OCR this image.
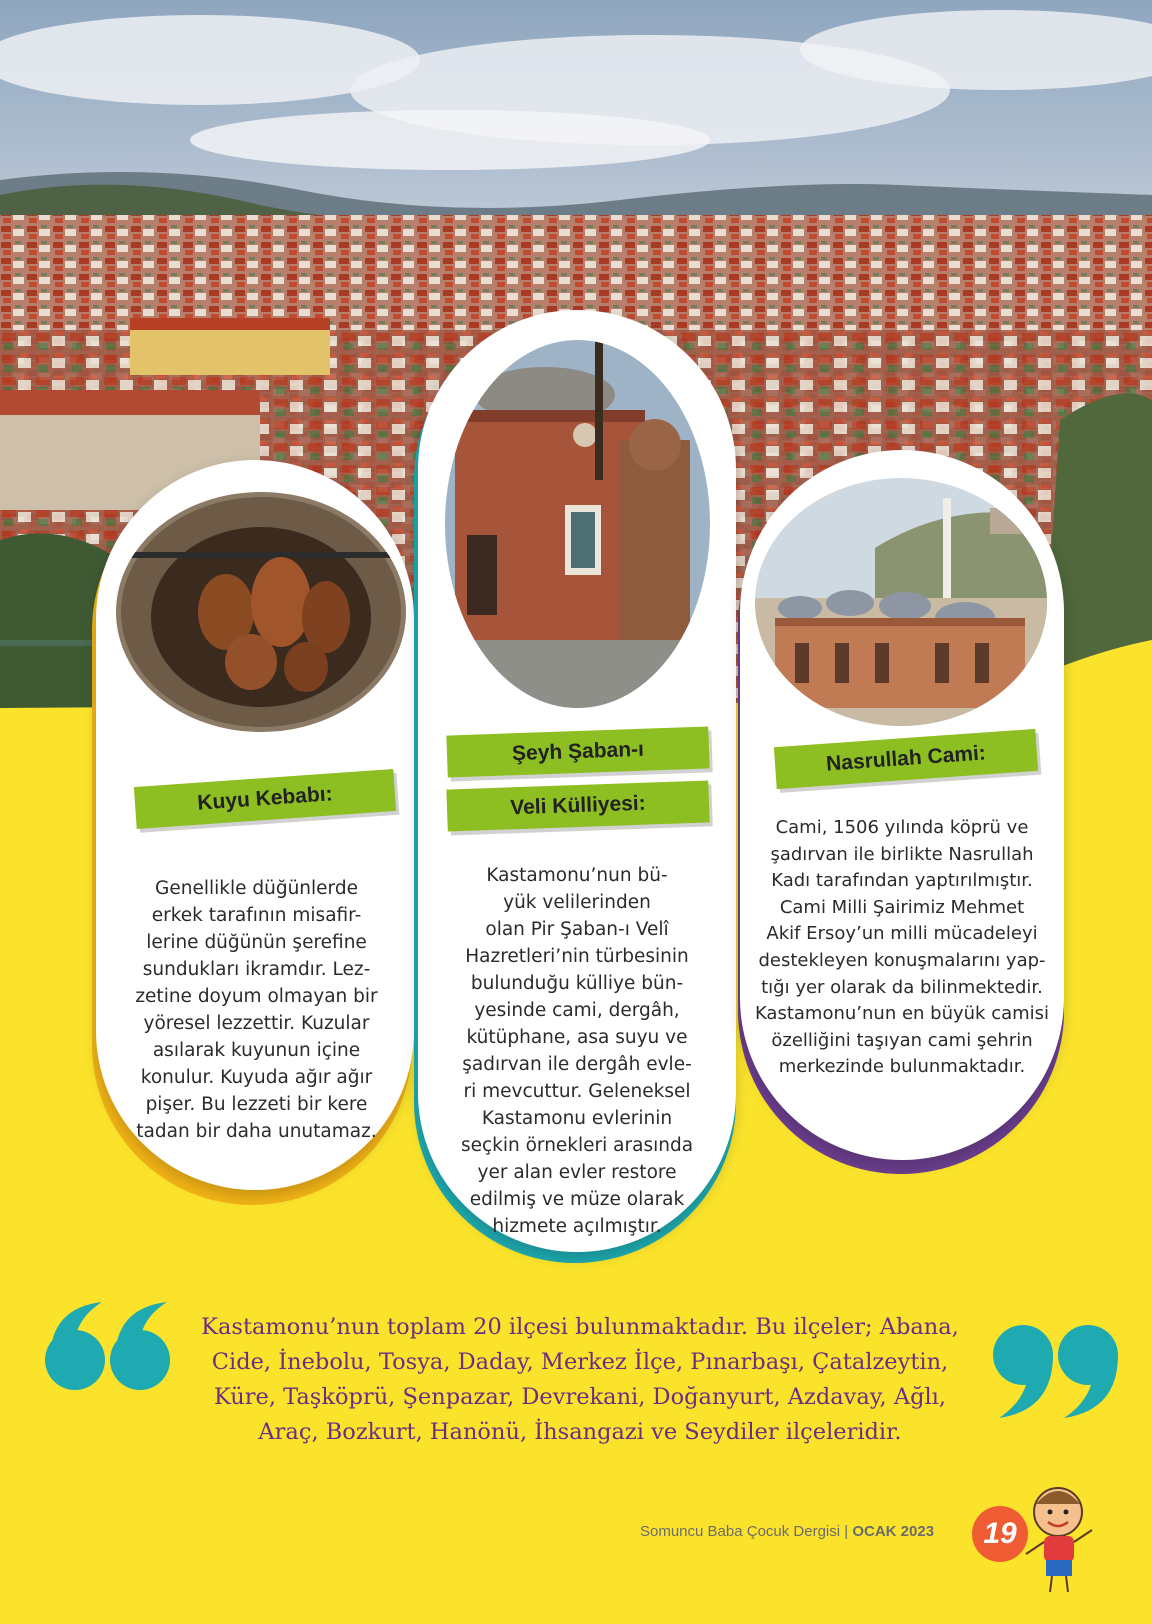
Kuyu Kebabı:
Genellikle düğünlerde
erkek tarafının misafir-
lerine düğünün şerefine
sundukları ikramdır. Lez-
zetine doyum olmayan bir
yöresel lezzettir. Kuzular
asılarak kuyunun içine
konulur. Kuyuda ağır ağır
pişer. Bu lezzeti bir kere
tadan bir daha unutamaz.
Şeyh Şaban-ı
Veli Külliyesi:
Kastamonu’nun bü-
yük velilerinden
olan Pir Şaban-ı Velî
Hazretleri’nin türbesinin
bulunduğu külliye bün-
yesinde cami, dergâh,
kütüphane, asa suyu ve
şadırvan ile dergâh evle-
ri mevcuttur. Geleneksel
Kastamonu evlerinin
seçkin örnekleri arasında
yer alan evler restore
edilmiş ve müze olarak
hizmete açılmıştır.
Nasrullah Cami:
Cami, 1506 yılında köprü ve
şadırvan ile birlikte Nasrullah
Kadı tarafından yaptırılmıştır.
Cami Milli Şairimiz Mehmet
Akif Ersoy’un milli mücadeleyi
destekleyen konuşmalarını yap-
tığı yer olarak da bilinmektedir.
Kastamonu’nun en büyük camisi
özelliğini taşıyan cami şehrin
merkezinde bulunmaktadır.
Kastamonu’nun toplam 20 ilçesi bulunmaktadır. Bu ilçeler; Abana,
Cide, İnebolu, Tosya, Daday, Merkez İlçe, Pınarbaşı, Çatalzeytin,
Küre, Taşköprü, Şenpazar, Devrekani, Doğanyurt, Azdavay, Ağlı,
Araç, Bozkurt, Hanönü, İhsangazi ve Seydiler ilçeleridir.
Somuncu Baba Çocuk Dergisi | OCAK 2023	19
